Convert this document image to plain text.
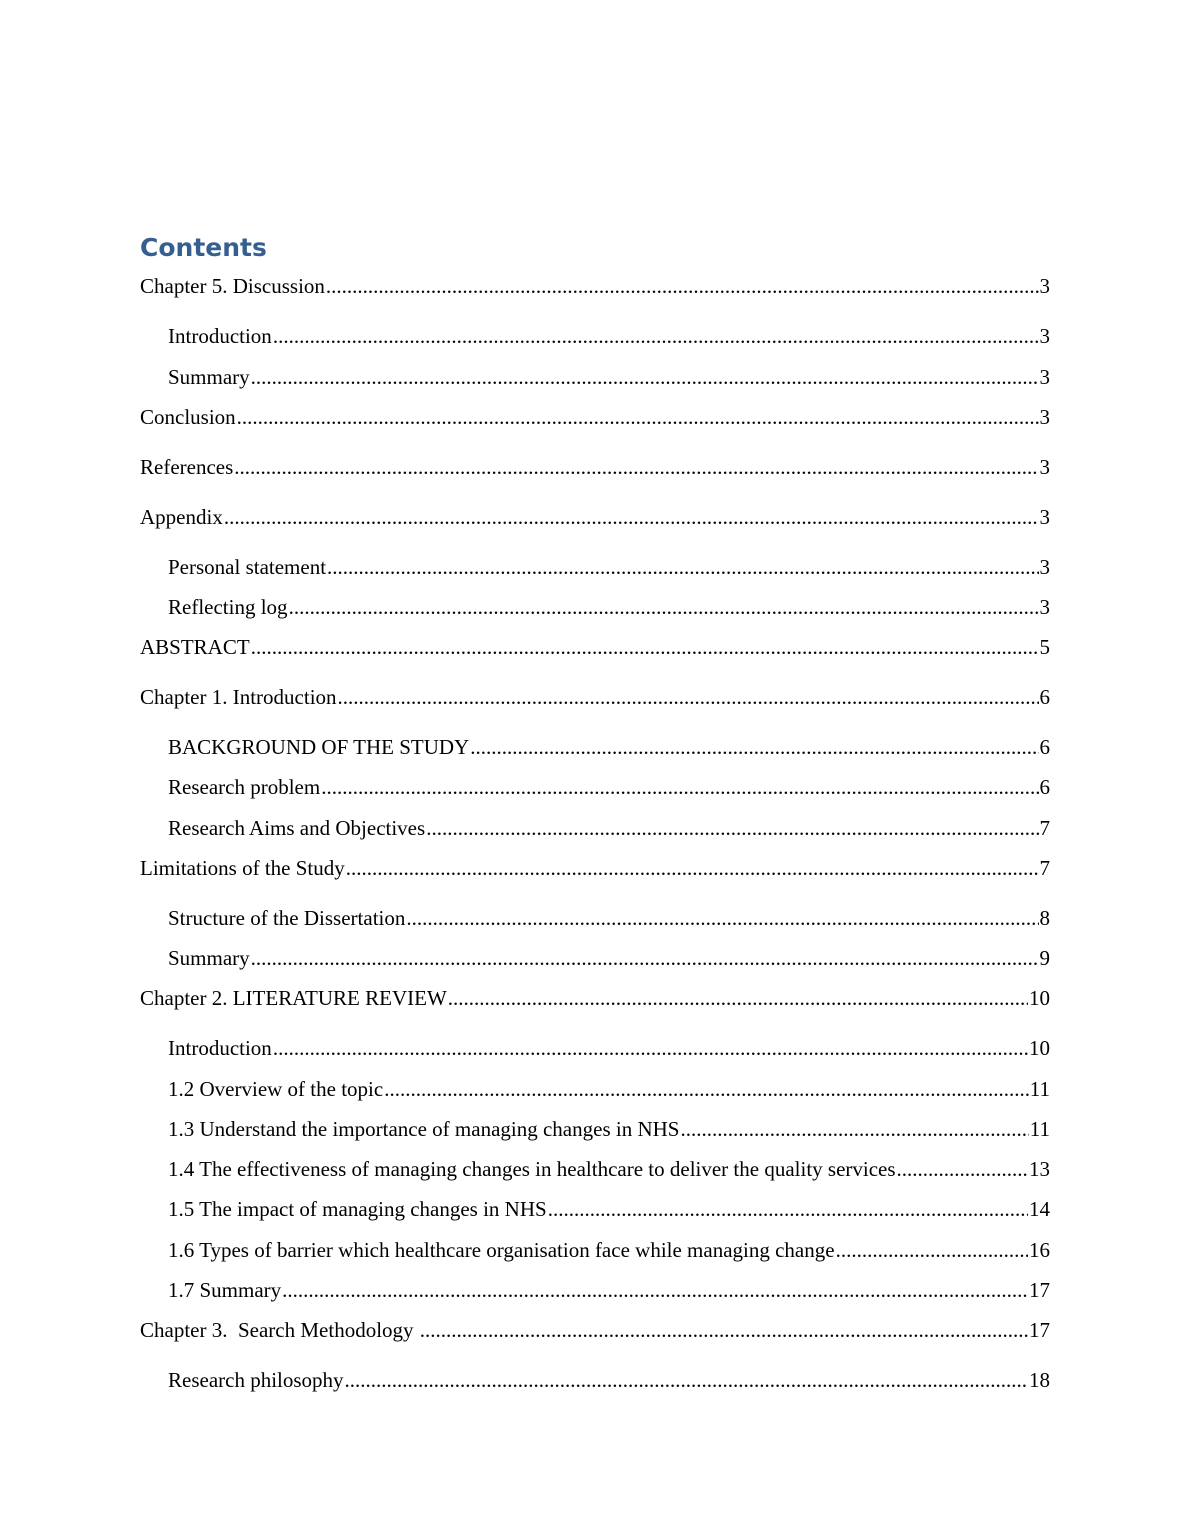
Contents
Chapter 5. Discussion .....	3
Introduction .....	3
Summary .....	3
Conclusion .....	3
References .....	3
Appendix .....	3
Personal statement .....	3
Reflecting log .....	3
ABSTRACT .....	5
Chapter 1. Introduction .....	6
BACKGROUND OF THE STUDY .....	6
Research problem .....	6
Research Aims and Objectives .....	7
Limitations of the Study .....	7
Structure of the Dissertation .....	8
Summary .....	9
Chapter 2. LITERATURE REVIEW .....	10
Introduction .....	10
1.2 Overview of the topic .....	11
1.3 Understand the importance of managing changes in NHS .....	11
1.4 The effectiveness of managing changes in healthcare to deliver the quality services .....	13
1.5 The impact of managing changes in NHS .....	14
1.6 Types of barrier which healthcare organisation face while managing change .....	16
1.7 Summary .....	17
Chapter 3.  Search Methodology .....	17
Research philosophy .....	18
